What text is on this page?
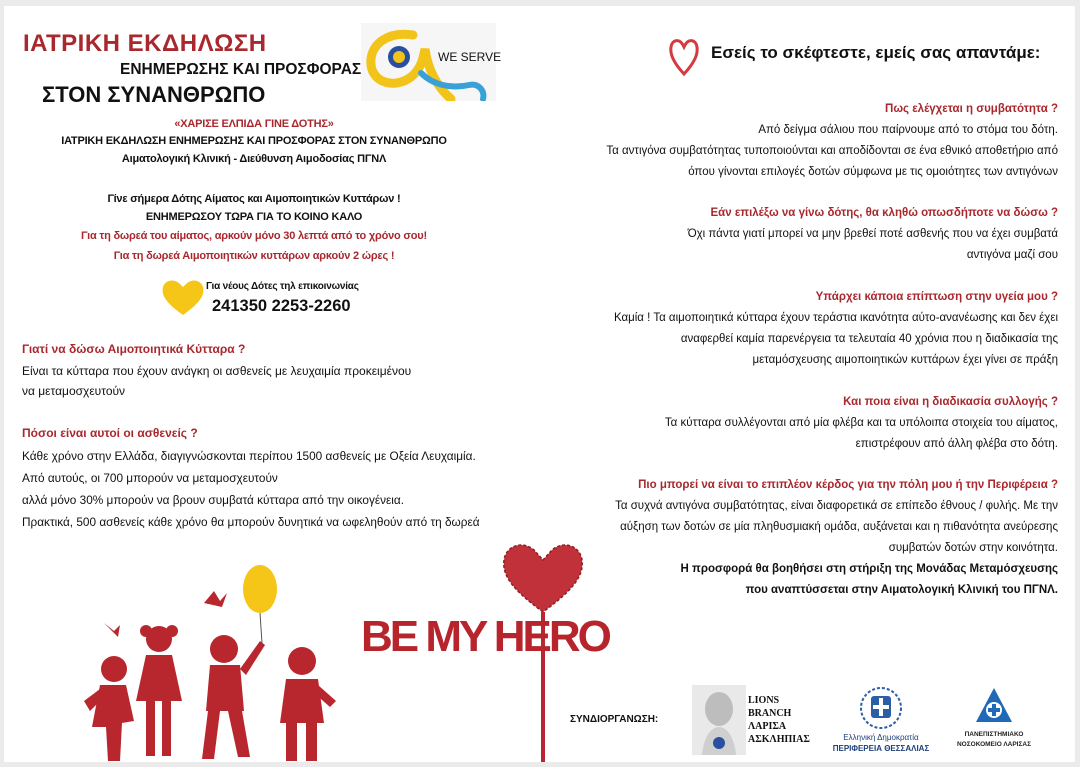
ΙΑΤΡΙΚΗ ΕΚΔΗΛΩΣΗ
ΕΝΗΜΕΡΩΣΗΣ ΚΑΙ ΠΡΟΣΦΟΡΑΣ
ΣΤΟΝ ΣΥΝΑΝΘΡΩΠΟ
WE SERVE
«ΧΑΡΙΣΕ ΕΛΠΙΔΑ ΓΙΝΕ ΔΟΤΗΣ»
ΙΑΤΡΙΚΗ ΕΚΔΗΛΩΣΗ ΕΝΗΜΕΡΩΣΗΣ ΚΑΙ ΠΡΟΣΦΟΡΑΣ ΣΤΟΝ ΣΥΝΑΝΘΡΩΠΟ
Αιματολογική Κλινική - Διεύθυνση Αιμοδοσίας ΠΓΝΛ
Γίνε σήμερα Δότης Αίματος και Αιμοποιητικών Κυττάρων !
ΕΝΗΜΕΡΩΣΟΥ ΤΩΡΑ ΓΙΑ ΤΟ ΚΟΙΝΟ ΚΑΛΟ
Για τη δωρεά του αίματος, αρκούν μόνο 30 λεπτά από το χρόνο σου!
Για τη δωρεά Αιμοποιητικών κυττάρων αρκούν 2 ώρες !
Για νέους Δότες τηλ επικοινωνίας
241350 2253-2260
Γιατί να δώσω Αιμοποιητικά Κύτταρα ?
Είναι τα κύτταρα που έχουν ανάγκη οι ασθενείς με λευχαιμία προκειμένου
να μεταμοσχευτούν
Πόσοι είναι αυτοί οι ασθενείς ?
Κάθε χρόνο στην Ελλάδα, διαγιγνώσκονται περίπου 1500 ασθενείς με Οξεία Λευχαιμία.
Από αυτούς, οι 700 μπορούν να μεταμοσχευτούν
αλλά μόνο 30% μπορούν να βρουν συμβατά κύτταρα από την οικογένεια.
Πρακτικά, 500 ασθενείς κάθε χρόνο θα μπορούν δυνητικά να ωφεληθούν από τη δωρεά
Εσείς το σκέφτεστε, εμείς σας απαντάμε:
Πως ελέγχεται η συμβατότητα ?
Από δείγμα σάλιου που παίρνουμε από το στόμα του δότη.
Τα αντιγόνα συμβατότητας τυποποιούνται και αποδίδονται σε ένα εθνικό αποθετήριο από
όπου γίνονται επιλογές δοτών σύμφωνα με τις ομοιότητες των αντιγόνων
Εάν επιλέξω να γίνω δότης, θα κληθώ οπωσδήποτε να δώσω ?
Όχι πάντα γιατί μπορεί να μην βρεθεί ποτέ ασθενής που να έχει συμβατά
αντιγόνα μαζί σου
Υπάρχει κάποια επίπτωση στην υγεία μου ?
Καμία ! Τα αιμοποιητικά κύτταρα έχουν τεράστια ικανότητα αύτο-ανανέωσης και δεν έχει
αναφερθεί καμία παρενέργεια τα τελευταία 40 χρόνια που η διαδικασία της
μεταμόσχευσης αιμοποιητικών κυττάρων έχει γίνει σε πράξη
Και ποια είναι η διαδικασία συλλογής ?
Τα κύτταρα συλλέγονται από μία φλέβα και τα υπόλοιπα στοιχεία του αίματος,
επιστρέφουν από άλλη φλέβα στο δότη.
Πιο μπορεί να είναι το επιπλέον κέρδος για την πόλη μου ή την Περιφέρεια ?
Τα συχνά αντιγόνα συμβατότητας, είναι διαφορετικά σε επίπεδο έθνους / φυλής. Με την
αύξηση των δοτών σε μία πληθυσμιακή ομάδα, αυξάνεται και η πιθανότητα ανεύρεσης
συμβατών δοτών στην κοινότητα.
Η προσφορά θα βοηθήσει στη στήριξη της Μονάδας Μεταμόσχευσης
που αναπτύσσεται στην Αιματολογική Κλινική του ΠΓΝΛ.
BE MY HERO
ΣΥΝΔΙΟΡΓΑΝΩΣΗ:
LIONS
BRANCH
ΛΑΡΙΣΑ
ΑΣΚΛΗΠΙΑΣ	Ελληνική Δημοκρατία
ΠΕΡΙΦΕΡΕΙΑ ΘΕΣΣΑΛΙΑΣ
ΠΑΝΕΠΙΣΤΗΜΙΑΚΟ
ΝΟΣΟΚΟΜΕΙΟ ΛΑΡΙΣΑΣ
